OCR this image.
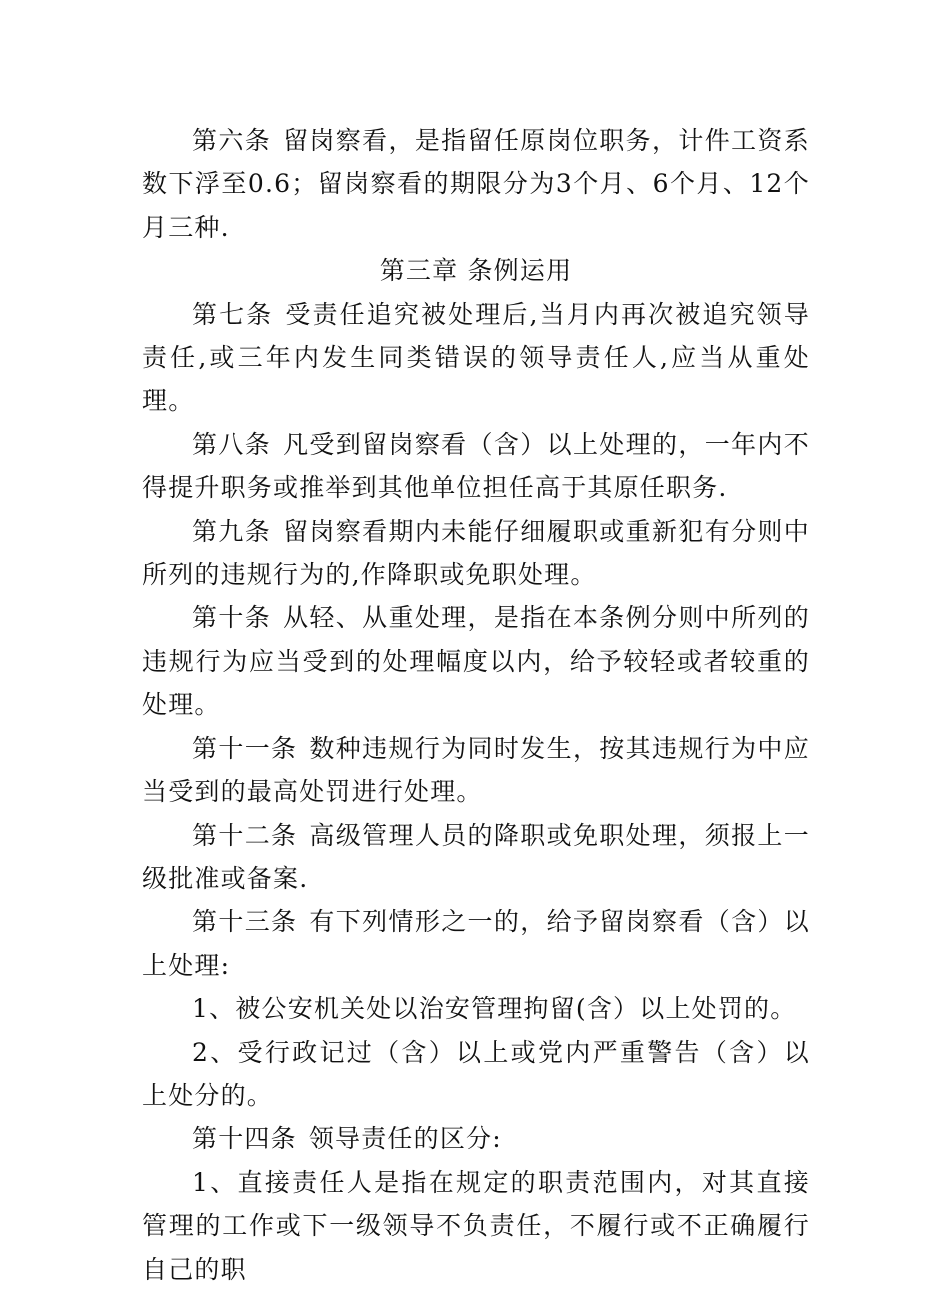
第六条 留岗察看，是指留任原岗位职务，计件工资系数下浮至0.6；留岗察看的期限分为3个月、6个月、12个月三种.

第三章 条例运用

第七条 受责任追究被处理后,当月内再次被追究领导责任,或三年内发生同类错误的领导责任人,应当从重处理。

第八条 凡受到留岗察看（含）以上处理的，一年内不得提升职务或推举到其他单位担任高于其原任职务.

第九条 留岗察看期内未能仔细履职或重新犯有分则中所列的违规行为的,作降职或免职处理。

第十条 从轻、从重处理，是指在本条例分则中所列的违规行为应当受到的处理幅度以内，给予较轻或者较重的处理。

第十一条 数种违规行为同时发生，按其违规行为中应当受到的最高处罚进行处理。

第十二条 高级管理人员的降职或免职处理，须报上一级批准或备案.

第十三条 有下列情形之一的，给予留岗察看（含）以上处理:

1、被公安机关处以治安管理拘留(含）以上处罚的。

2、受行政记过（含）以上或党内严重警告（含）以上处分的。

第十四条 领导责任的区分:

1、直接责任人是指在规定的职责范围内，对其直接管理的工作或下一级领导不负责任，不履行或不正确履行自己的职
